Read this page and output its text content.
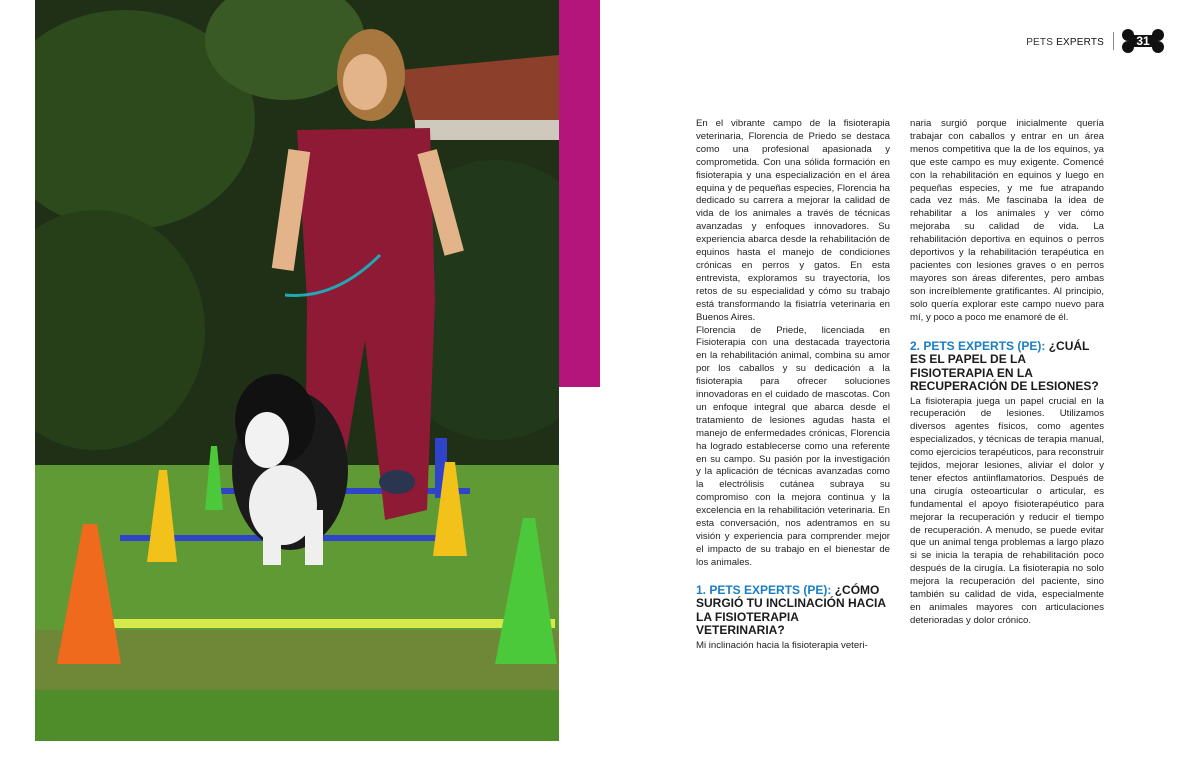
PETS EXPERTS	31

En el vibrante campo de la fisioterapia veterinaria, Florencia de Priedo se destaca como una profesional apasionada y comprometida. Con una sólida formación en fisioterapia y una especialización en el área equina y de pequeñas especies, Florencia ha dedicado su carrera a mejorar la calidad de vida de los animales a través de técnicas avanzadas y enfoques innovadores. Su experiencia abarca desde la rehabilitación de equinos hasta el manejo de condiciones crónicas en perros y gatos. En esta entrevista, exploramos su trayectoria, los retos de su especialidad y cómo su trabajo está transformando la fisiatría veterinaria en Buenos Aires.

Florencia de Priede, licenciada en Fisioterapia con una destacada trayectoria en la rehabilitación animal, combina su amor por los caballos y su dedicación a la fisioterapia para ofrecer soluciones innovadoras en el cuidado de mascotas. Con un enfoque integral que abarca desde el tratamiento de lesiones agudas hasta el manejo de enfermedades crónicas, Florencia ha logrado establecerse como una referente en su campo. Su pasión por la investigación y la aplicación de técnicas avanzadas como la electrólisis cutánea subraya su compromiso con la mejora continua y la excelencia en la rehabilitación veterinaria. En esta conversación, nos adentramos en su visión y experiencia para comprender mejor el impacto de su trabajo en el bienestar de los animales.

1. PETS EXPERTS (PE): ¿CÓMO SURGIÓ TU INCLINACIÓN HACIA LA FISIOTERAPIA VETERINARIA?

Mi inclinación hacia la fisioterapia veteri-

naria surgió porque inicialmente quería trabajar con caballos y entrar en un área menos competitiva que la de los equinos, ya que este campo es muy exigente. Comencé con la rehabilitación en equinos y luego en pequeñas especies, y me fue atrapando cada vez más. Me fascinaba la idea de rehabilitar a los animales y ver cómo mejoraba su calidad de vida. La rehabilitación deportiva en equinos o perros deportivos y la rehabilitación terapéutica en pacientes con lesiones graves o en perros mayores son áreas diferentes, pero ambas son increíblemente gratificantes. Al principio, solo quería explorar este campo nuevo para mí, y poco a poco me enamoré de él.

2. PETS EXPERTS (PE): ¿CUÁL ES EL PAPEL DE LA FISIOTERAPIA EN LA RECUPERACIÓN DE LESIONES?

La fisioterapia juega un papel crucial en la recuperación de lesiones. Utilizamos diversos agentes físicos, como agentes especializados, y técnicas de terapia manual, como ejercicios terapéuticos, para reconstruir tejidos, mejorar lesiones, aliviar el dolor y tener efectos antiinflamatorios. Después de una cirugía osteoarticular o articular, es fundamental el apoyo fisioterapéutico para mejorar la recuperación y reducir el tiempo de recuperación. A menudo, se puede evitar que un animal tenga problemas a largo plazo si se inicia la terapia de rehabilitación poco después de la cirugía. La fisioterapia no solo mejora la recuperación del paciente, sino también su calidad de vida, especialmente en animales mayores con articulaciones deterioradas y dolor crónico.
